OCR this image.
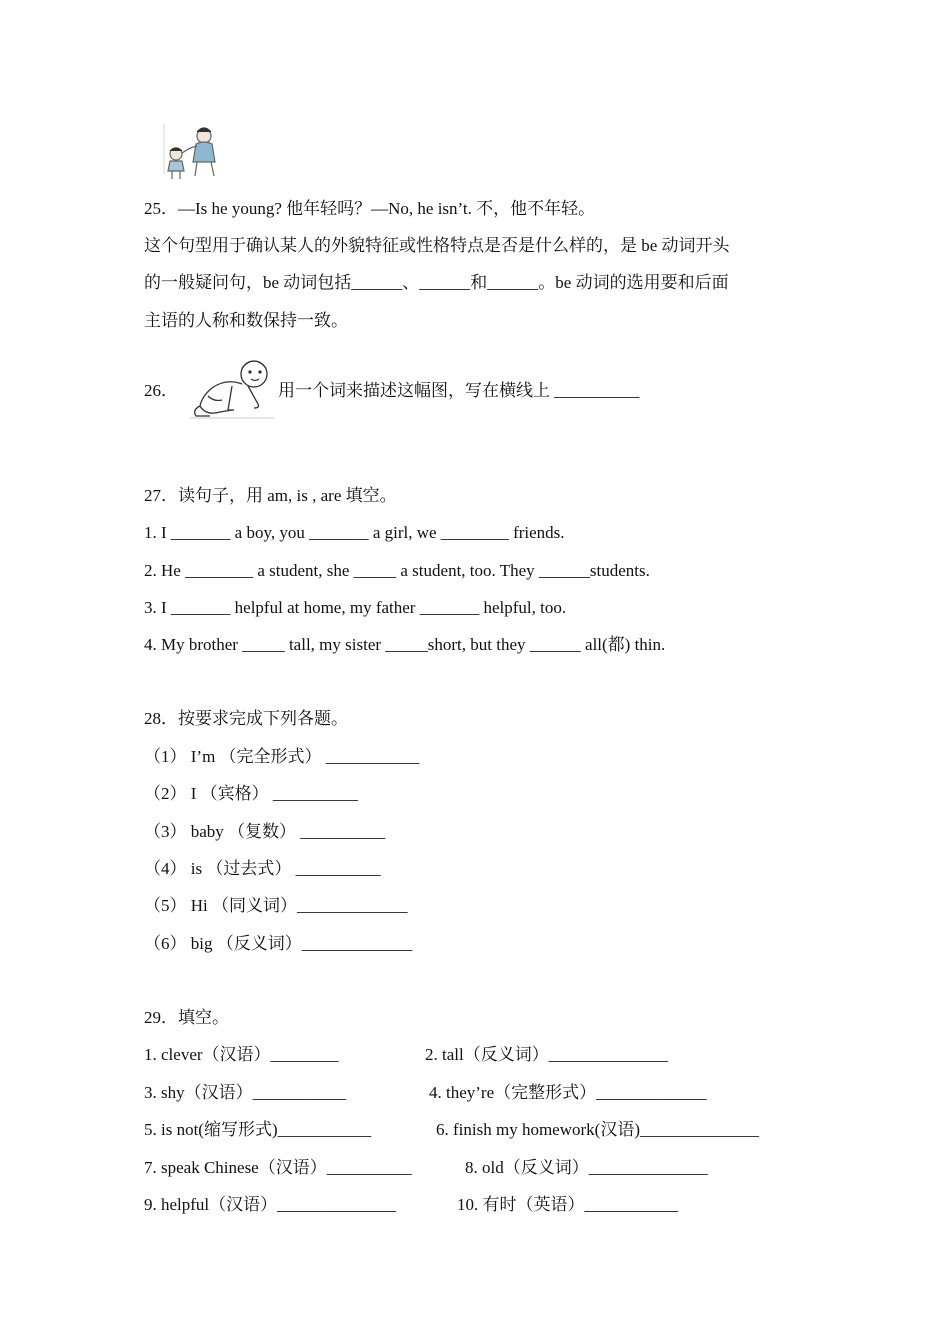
25．—Is he young? 他年轻吗？—No, he isn’t. 不，他不年轻。
这个句型用于确认某人的外貌特征或性格特点是否是什么样的，是 be 动词开头
的一般疑问句，be 动词包括______、______和______。be 动词的选用要和后面
主语的人称和数保持一致。
26．	用一个词来描述这幅图，写在横线上 __________
27．读句子，用 am, is , are 填空。
1. I _______ a boy, you _______ a girl, we ________ friends.
2. He ________ a student, she _____ a student, too. They ______students.
3. I _______ helpful at home, my father _______ helpful, too.
4. My brother _____ tall, my sister _____short, but they ______ all(都) thin.
28．按要求完成下列各题。
（1） I’m （完全形式） ___________
（2） I （宾格） __________
（3） baby （复数） __________
（4） is （过去式） __________
（5） Hi （同义词）_____________
（6） big （反义词）_____________
29．填空。
1. clever（汉语）________	2. tall（反义词）______________
3. shy（汉语）___________	4. they’re（完整形式）_____________
5. is not(缩写形式)___________	6. finish my homework(汉语)______________
7. speak Chinese（汉语）__________	8. old（反义词）______________
9. helpful（汉语）______________	10. 有时（英语）___________
